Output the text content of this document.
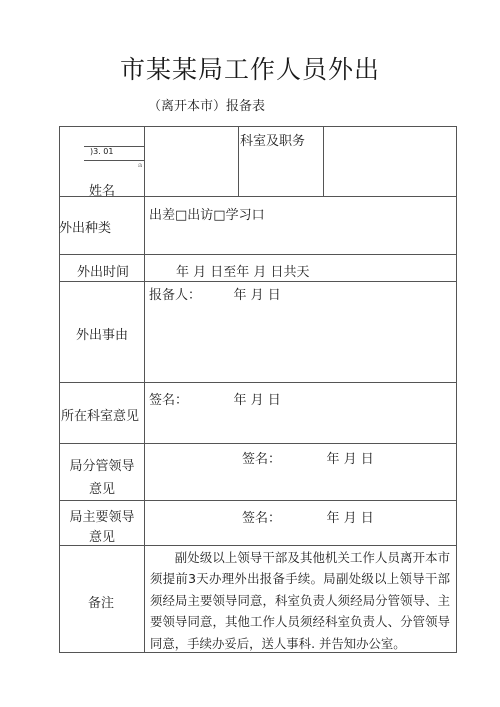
市某某局工作人员外出
（离开本市）报备表
)3. 01
ａ
姓名
科室及职务
外出种类
出差□出访□学习口
外出时间	年 月 日至年 月 日共天
外出事由
报备人：　　　年 月 日
所在科室意见
签名：　　　　年 月 日
局分管领导
意见
签名：　　　　年 月 日
局主要领导
意见
签名：　　　　年 月 日
备注
副处级以上领导干部及其他机关工作人员离开本市须提前3天办理外出报备手续。局副处级以上领导干部须经局主要领导同意，科室负责人须经局分管领导、主要领导同意，其他工作人员须经科室负责人、分管领导同意，手续办妥后，送人事科. 并告知办公室。
